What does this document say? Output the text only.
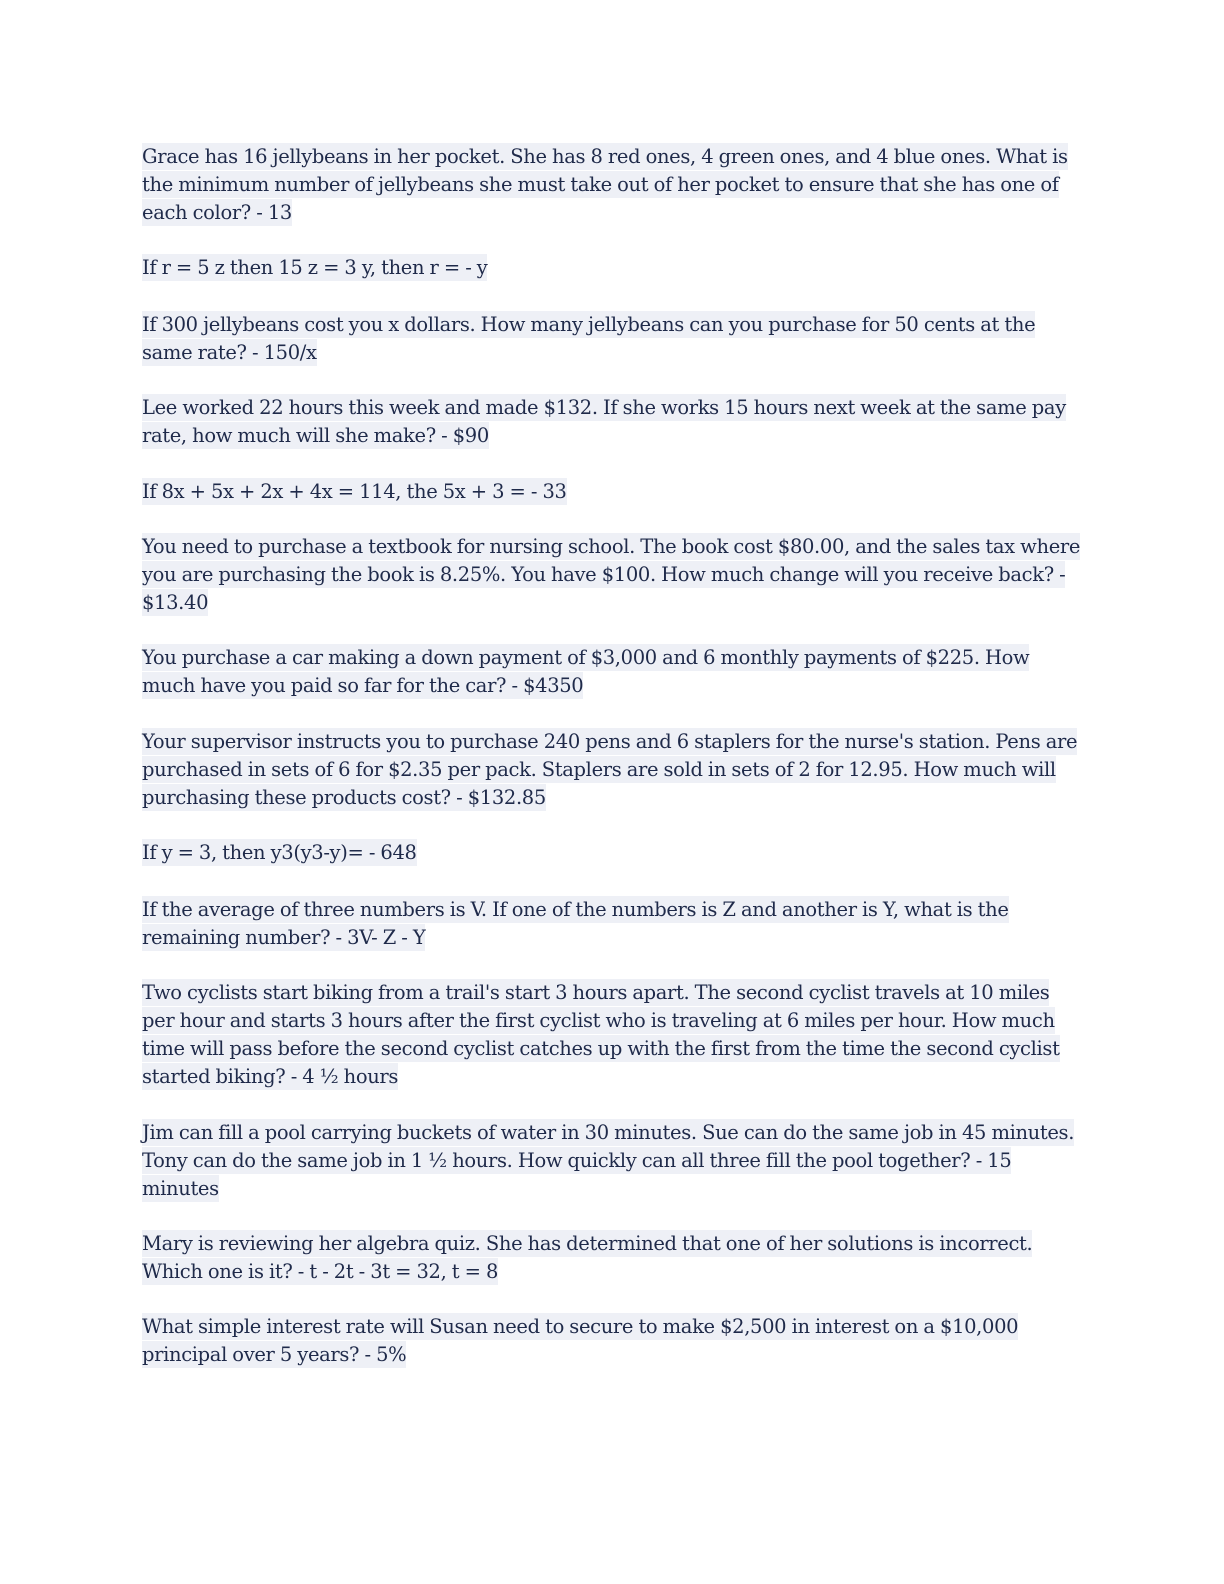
Grace has 16 jellybeans in her pocket. She has 8 red ones, 4 green ones, and 4 blue ones. What is the minimum number of jellybeans she must take out of her pocket to ensure that she has one of each color? - 13

If r = 5 z then 15 z = 3 y, then r = - y

If 300 jellybeans cost you x dollars. How many jellybeans can you purchase for 50 cents at the same rate? - 150/x

Lee worked 22 hours this week and made $132. If she works 15 hours next week at the same pay rate, how much will she make? - $90

If 8x + 5x + 2x + 4x = 114, the 5x + 3 = - 33

You need to purchase a textbook for nursing school. The book cost $80.00, and the sales tax where you are purchasing the book is 8.25%. You have $100. How much change will you receive back? - $13.40

You purchase a car making a down payment of $3,000 and 6 monthly payments of $225. How much have you paid so far for the car? - $4350

Your supervisor instructs you to purchase 240 pens and 6 staplers for the nurse's station. Pens are purchased in sets of 6 for $2.35 per pack. Staplers are sold in sets of 2 for 12.95. How much will purchasing these products cost? - $132.85

If y = 3, then y3(y3-y)= - 648

If the average of three numbers is V. If one of the numbers is Z and another is Y, what is the remaining number? - 3V- Z - Y

Two cyclists start biking from a trail's start 3 hours apart. The second cyclist travels at 10 miles per hour and starts 3 hours after the first cyclist who is traveling at 6 miles per hour. How much time will pass before the second cyclist catches up with the first from the time the second cyclist started biking? - 4 ½ hours

Jim can fill a pool carrying buckets of water in 30 minutes. Sue can do the same job in 45 minutes. Tony can do the same job in 1 ½ hours. How quickly can all three fill the pool together? - 15 minutes

Mary is reviewing her algebra quiz. She has determined that one of her solutions is incorrect. Which one is it? - t - 2t - 3t = 32, t = 8

What simple interest rate will Susan need to secure to make $2,500 in interest on a $10,000 principal over 5 years? - 5%
